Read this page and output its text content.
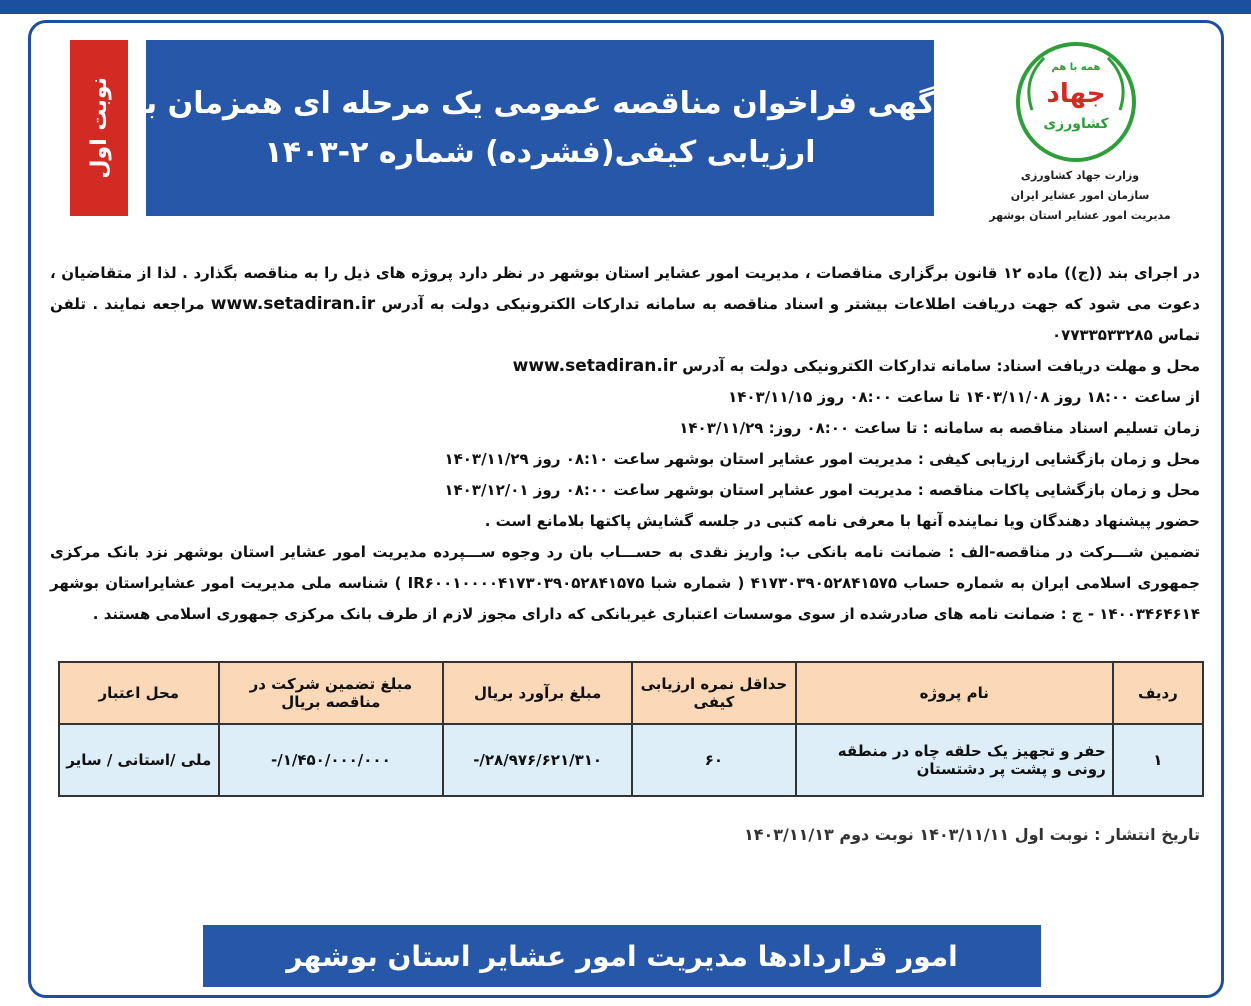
نوبت اول آگهی فراخوان مناقصه عمومی یک مرحله ای همزمان با
ارزیابی کیفی(فشرده) شماره ۲-۱۴۰۳
همه با هم
جهاد
کشاورزی
وزارت جهاد کشاورزی
سازمان امور عشایر ایران
مدیریت امور عشایر استان بوشهر

در اجرای بند ((ج)) ماده ۱۲ قانون برگزاری مناقصات ، مدیریت امور عشایر استان بوشهر در نظر دارد پروژه های ذیل را به مناقصه بگذارد . لذا از متقاضیان ، دعوت می شود که جهت دریافت اطلاعات بیشتر و اسناد مناقصه به سامانه تدارکات الکترونیکی دولت به آدرس www.setadiran.ir مراجعه نمایند . تلفن تماس ۰۷۷۳۳۵۳۳۲۸۵

محل و مهلت دریافت اسناد: سامانه تدارکات الکترونیکی دولت به آدرس www.setadiran.ir

از ساعت ۱۸:۰۰ روز ۱۴۰۳/۱۱/۰۸ تا ساعت ۰۸:۰۰ روز ۱۴۰۳/۱۱/۱۵

زمان تسلیم اسناد مناقصه به سامانه : تا ساعت ۰۸:۰۰ روز: ۱۴۰۳/۱۱/۲۹

محل و زمان بازگشایی ارزیابی کیفی : مدیریت امور عشایر استان بوشهر ساعت ۰۸:۱۰ روز ۱۴۰۳/۱۱/۲۹

محل و زمان بازگشایی پاکات مناقصه : مدیریت امور عشایر استان بوشهر ساعت ۰۸:۰۰ روز ۱۴۰۳/۱۲/۰۱

حضور پیشنهاد دهندگان ویا نماینده آنها با معرفی نامه کتبی در جلسه گشایش پاکتها بلامانع است .

تضمین شـــرکت در مناقصه-الف : ضمانت نامه بانکی ب: واریز نقدی به حســـاب بان رد وجوه ســـپرده مدیریت امور عشایر استان بوشهر نزد بانک مرکزی جمهوری اسلامی ایران به شماره حساب ۴۱۷۳۰۳۹۰۵۲۸۴۱۵۷۵ ( شماره شبا IR۶۰۰۱۰۰۰۰۴۱۷۳۰۳۹۰۵۲۸۴۱۵۷۵ ) شناسه ملی مدیریت امور عشایراستان بوشهر ۱۴۰۰۳۴۶۴۶۱۴ - ج : ضمانت نامه های صادرشده از سوی موسسات اعتباری غیربانکی که دارای مجوز لازم از طرف بانک مرکزی جمهوری اسلامی هستند .

ردیف	نام پروژه	حداقل نمره ارزیابی کیفی	مبلغ برآورد بریال	مبلغ تضمین شرکت در مناقصه بریال	محل اعتبار
۱	حفر و تجهیز یک حلقه چاه در منطقه رونی و پشت پر دشتستان	۶۰	۲۸/۹۷۶/۶۲۱/۳۱۰/-	۱/۴۵۰/۰۰۰/۰۰۰/-	ملی /استانی / سایر
تاریخ انتشار : نوبت اول ۱۴۰۳/۱۱/۱۱ نوبت دوم ۱۴۰۳/۱۱/۱۳
امور قراردادها مدیریت امور عشایر استان بوشهر
